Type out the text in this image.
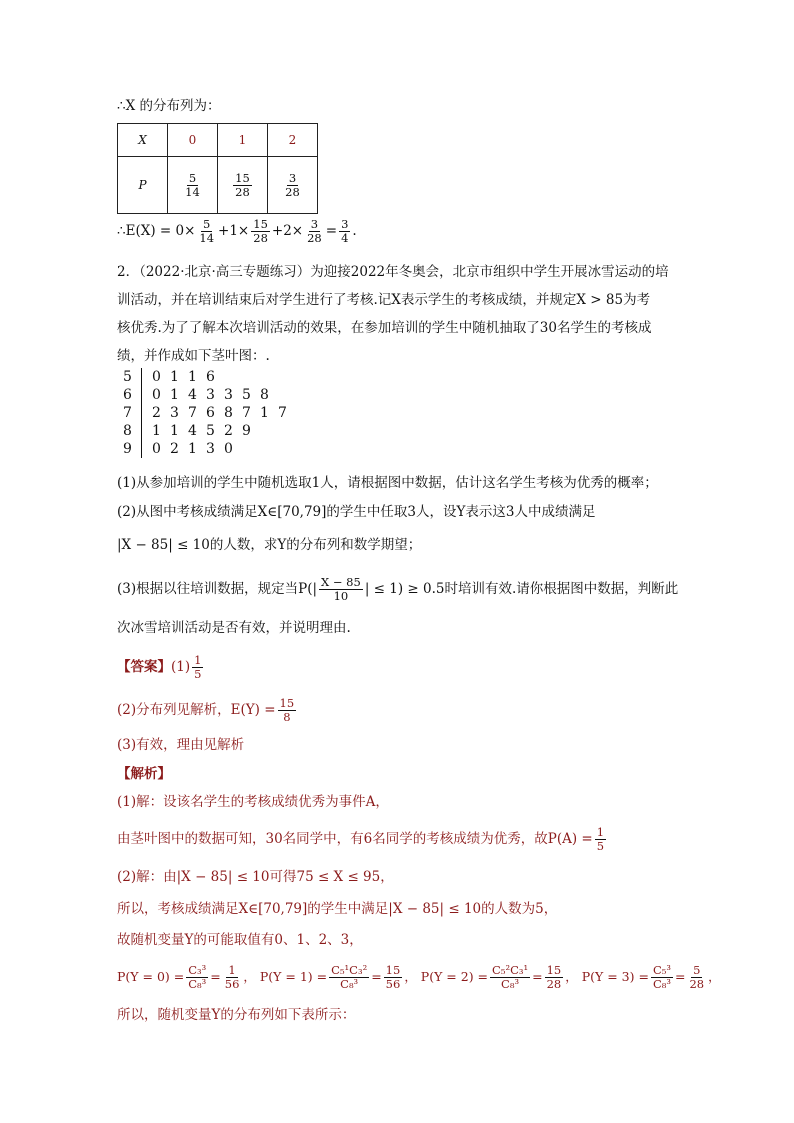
∴X 的分布列为：
X	0	1	2
P	$\frac{5}{14}$	$\frac{15}{28}$	$\frac{3}{28}$
∴E(X) = $0\times \frac{5}{14} +1\times \frac{15}{28} +2\times \frac{3}{28} = \frac{3}{4}$ .
2．（2022·北京·高三专题练习）为迎接2022年冬奥会，北京市组织中学生开展冰雪运动的培
训活动，并在培训结束后对学生进行了考核.记X表示学生的考核成绩，并规定X > 85为考
核优秀.为了了解本次培训活动的效果，在参加培训的学生中随机抽取了30名学生的考核成
绩，并作成如下茎叶图：.
5	0 1 1 6
6	0 1 4 3 3 5 8
7	2 3 7 6 8 7 1 7
8	1 1 4 5 2 9
9	0 2 1 3 0
(1)从参加培训的学生中随机选取1人，请根据图中数据，估计这名学生考核为优秀的概率；
(2)从图中考核成绩满足X∈[70,79]的学生中任取3人，设Y表示这3人中成绩满足
|X − 85| ≤ 10的人数，求Y的分布列和数学期望；
(3)根据以往培训数据，规定当$P(| \frac{X - 85}{10}$ | ≤ 1) ≥ 0.5时培训有效.请你根据图中数据，判断此
次冰雪培训活动是否有效，并说明理由.
【答案】$(1) \frac{1}{5}$
(2)分布列见解析，$E(Y) = \frac{15}{8}$
(3)有效，理由见解析
【解析】
(1)解：设该名学生的考核成绩优秀为事件A，
由茎叶图中的数据可知，30名同学中，有6名同学的考核成绩为优秀，故$P(A) = \frac{1}{5}$
(2)解：由|X − 85| ≤ 10可得75 ≤ X ≤ 95，
所以，考核成绩满足X∈[70,79]的学生中满足|X − 85| ≤ 10的人数为5，
故随机变量Y的可能取值有0、1、2、3，
$P(Y = 0) = \frac{\text{C₃³}}{\text{C₈³}} = \frac{1}{56}$ ， $P(Y = 1) = \frac{\text{C₅¹C₃²}}{\text{C₈³}} = \frac{15}{56}$ ， $P(Y = 2) = \frac{\text{C₅²C₃¹}}{\text{C₈³}} = \frac{15}{28}$ ， $P(Y = 3) = \frac{\text{C₅³}}{\text{C₈³}} = \frac{5}{28}$ ，
所以，随机变量Y的分布列如下表所示：
